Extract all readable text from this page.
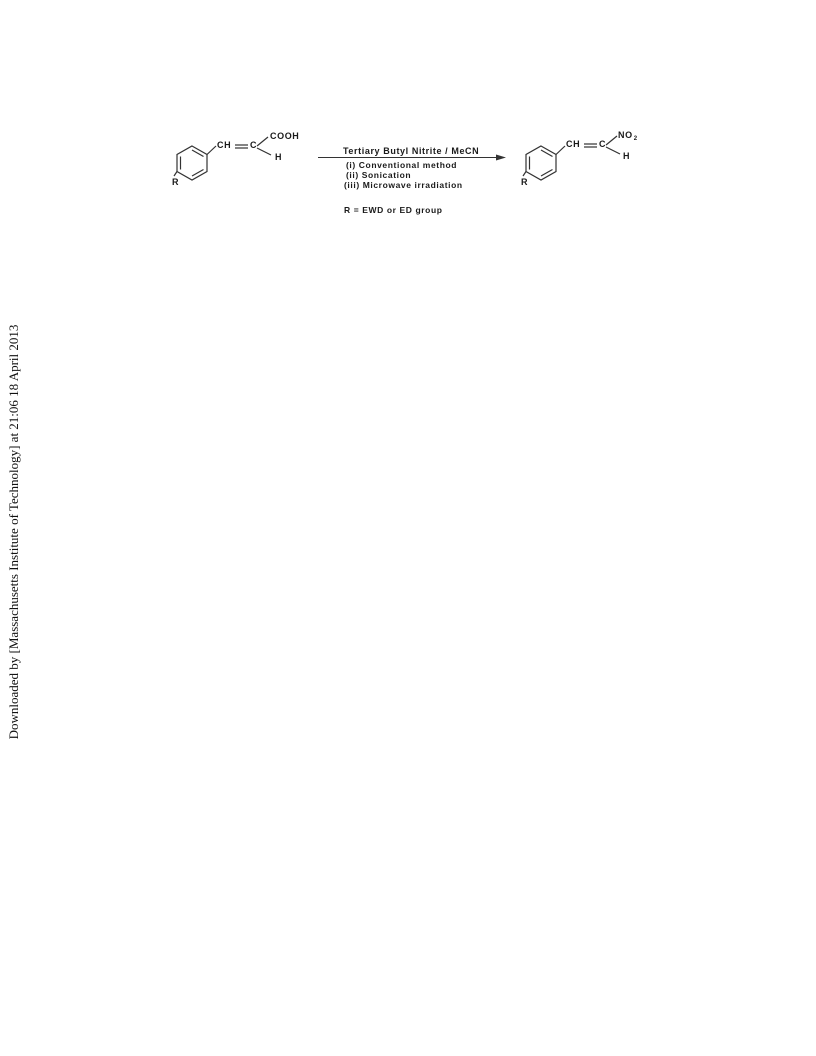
Downloaded by [Massachusetts Institute of Technology] at 21:06 18 April 2013
CH C
COOH
H
R
Tertiary Butyl Nitrite / MeCN
(i) Conventional method
(ii) Sonication
(iii) Microwave irradiation
R = EWD or ED group
CH C
$NO_2$
H
R
